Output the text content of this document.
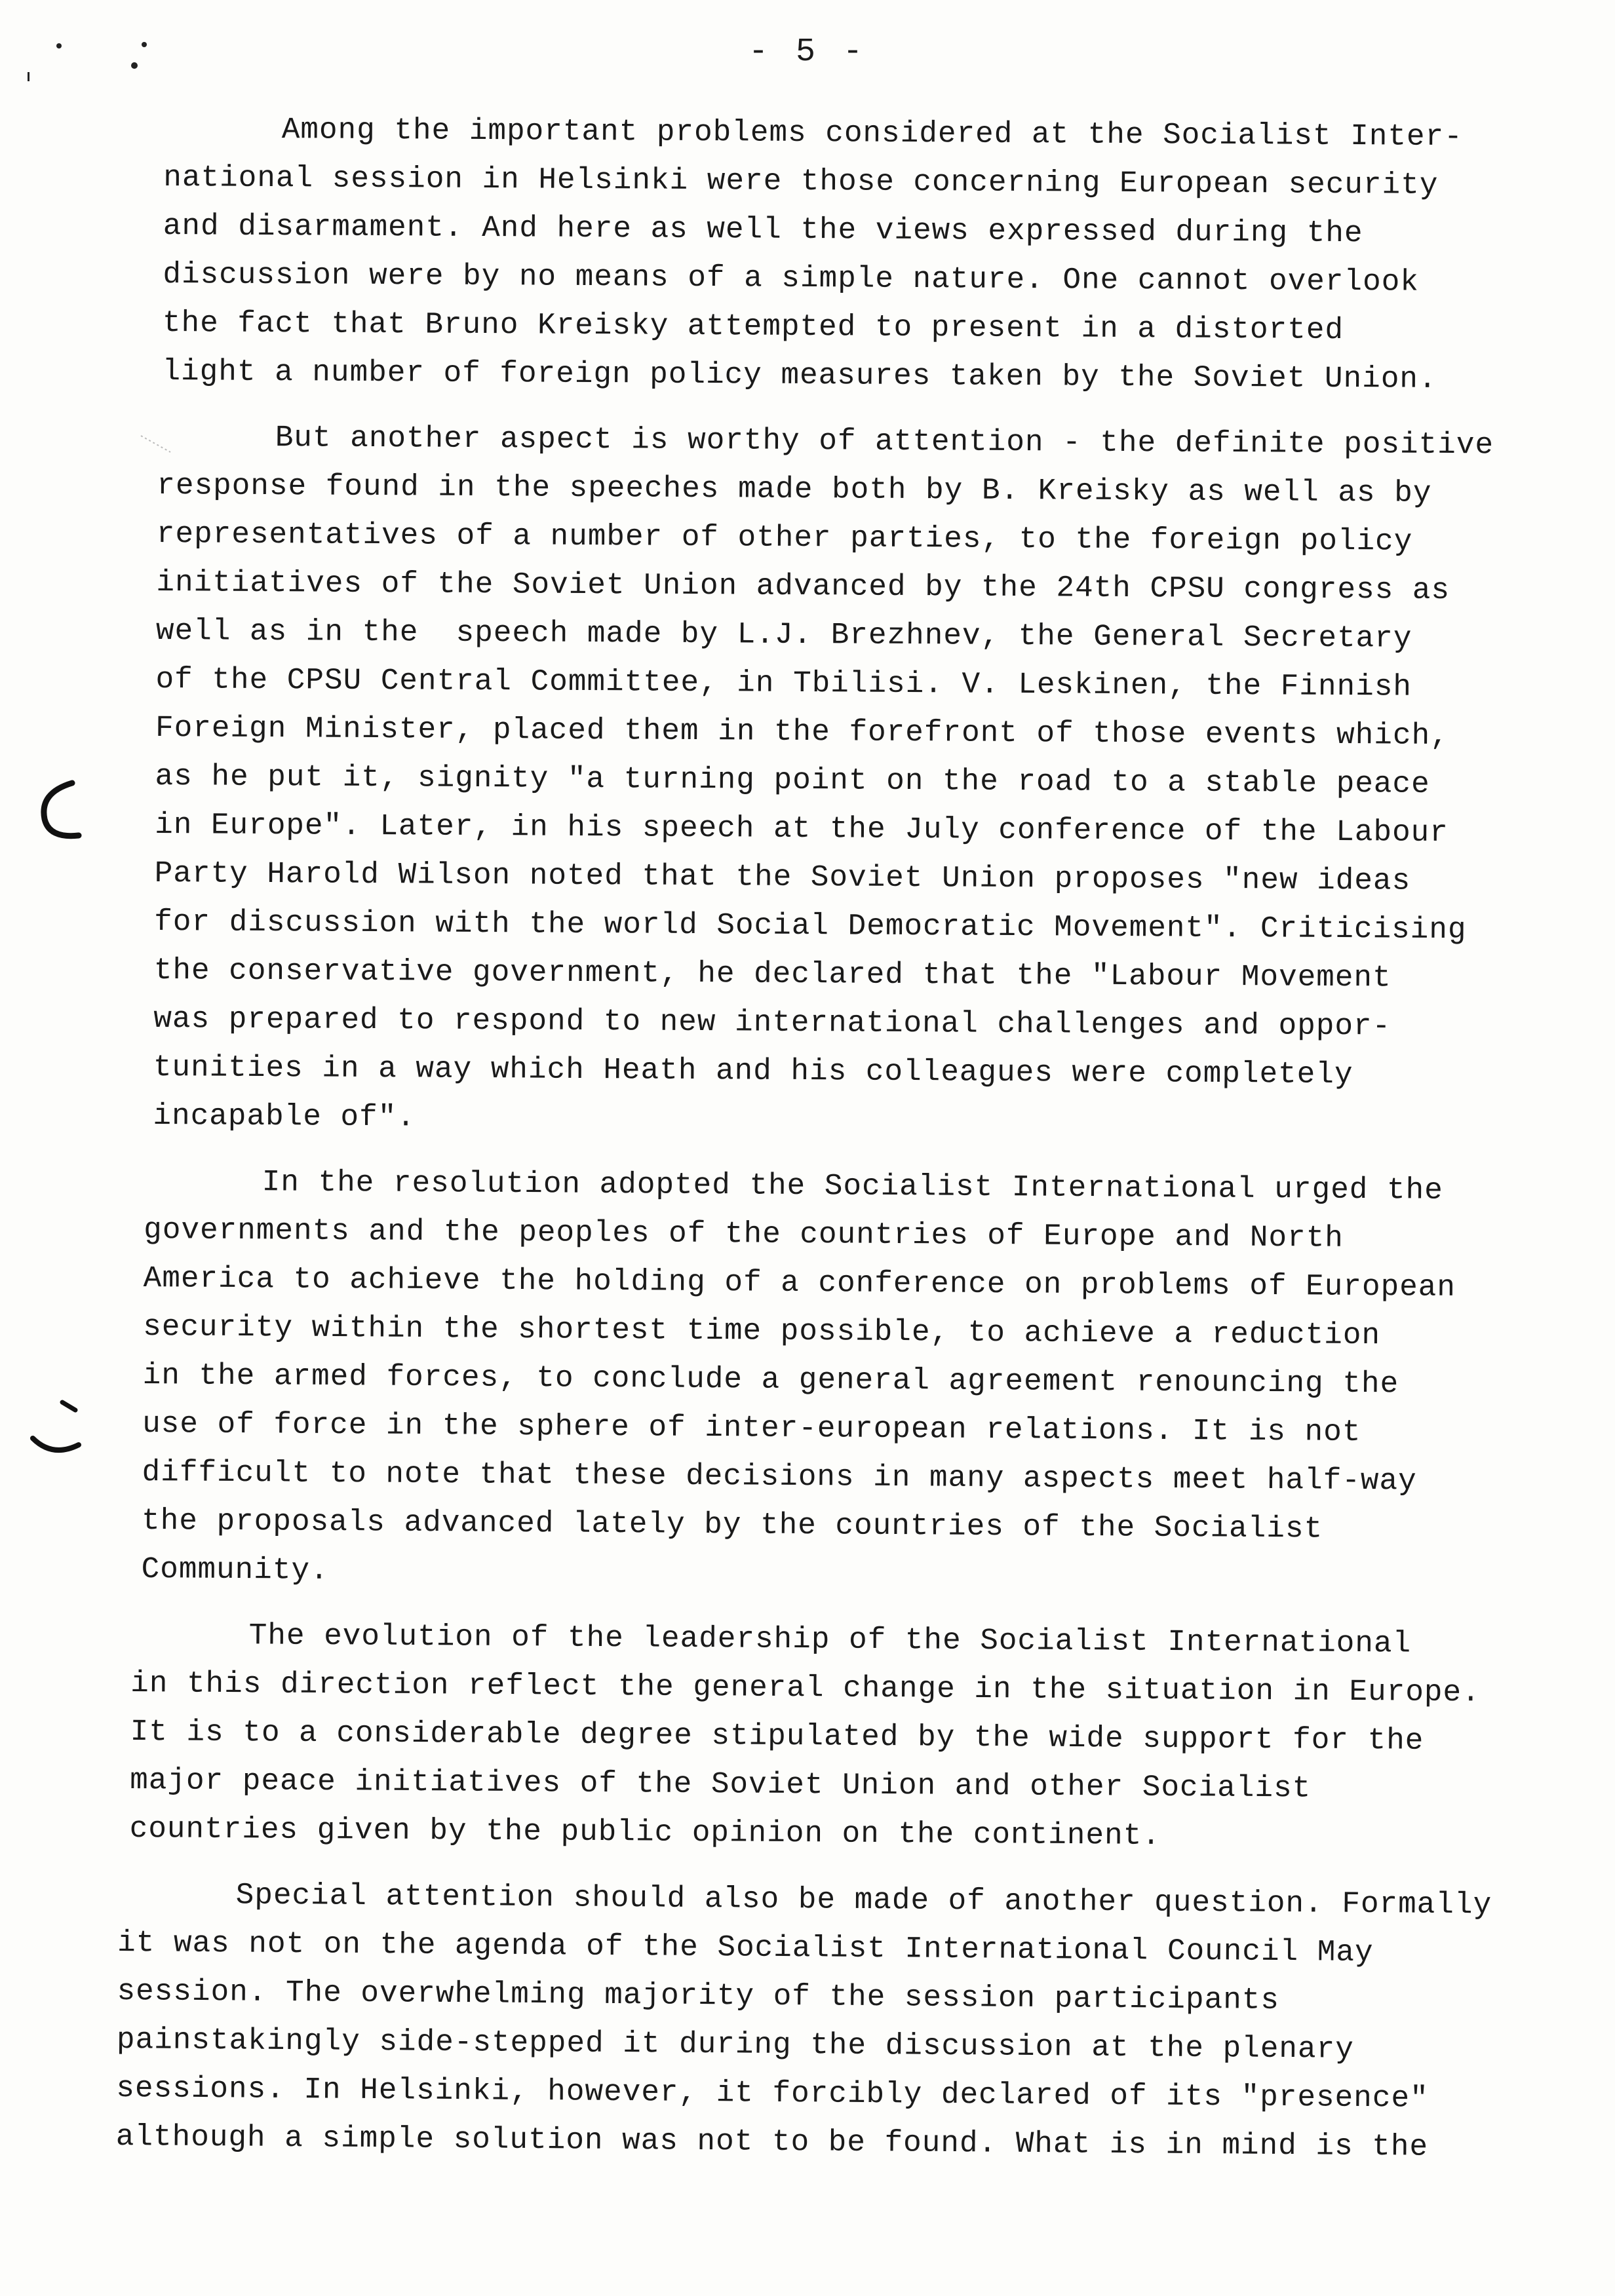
- 5 -

Among the important problems considered at the Socialist Inter-
national session in Helsinki were those concerning European security
and disarmament. And here as well the views expressed during the
discussion were by no means of a simple nature. One cannot overlook
the fact that Bruno Kreisky attempted to present in a distorted
light a number of foreign policy measures taken by the Soviet Union.

But another aspect is worthy of attention - the definite positive
response found in the speeches made both by B. Kreisky as well as by
representatives of a number of other parties, to the foreign policy
initiatives of the Soviet Union advanced by the 24th CPSU congress as
well as in the  speech made by L.J. Brezhnev, the General Secretary
of the CPSU Central Committee, in Tbilisi. V. Leskinen, the Finnish
Foreign Minister, placed them in the forefront of those events which,
as he put it, signity "a turning point on the road to a stable peace
in Europe". Later, in his speech at the July conference of the Labour
Party Harold Wilson noted that the Soviet Union proposes "new ideas
for discussion with the world Social Democratic Movement". Criticising
the conservative government, he declared that the "Labour Movement
was prepared to respond to new international challenges and oppor-
tunities in a way which Heath and his colleagues were completely
incapable of".

In the resolution adopted the Socialist International urged the
governments and the peoples of the countries of Europe and North
America to achieve the holding of a conference on problems of European
security within the shortest time possible, to achieve a reduction
in the armed forces, to conclude a general agreement renouncing the
use of force in the sphere of inter-european relations. It is not
difficult to note that these decisions in many aspects meet half-way
the proposals advanced lately by the countries of the Socialist
Community.

The evolution of the leadership of the Socialist International
in this direction reflect the general change in the situation in Europe.
It is to a considerable degree stipulated by the wide support for the
major peace initiatives of the Soviet Union and other Socialist
countries given by the public opinion on the continent.

Special attention should also be made of another question. Formally
it was not on the agenda of the Socialist International Council May
session. The overwhelming majority of the session participants
painstakingly side-stepped it during the discussion at the plenary
sessions. In Helsinki, however, it forcibly declared of its "presence"
although a simple solution was not to be found. What is in mind is the
